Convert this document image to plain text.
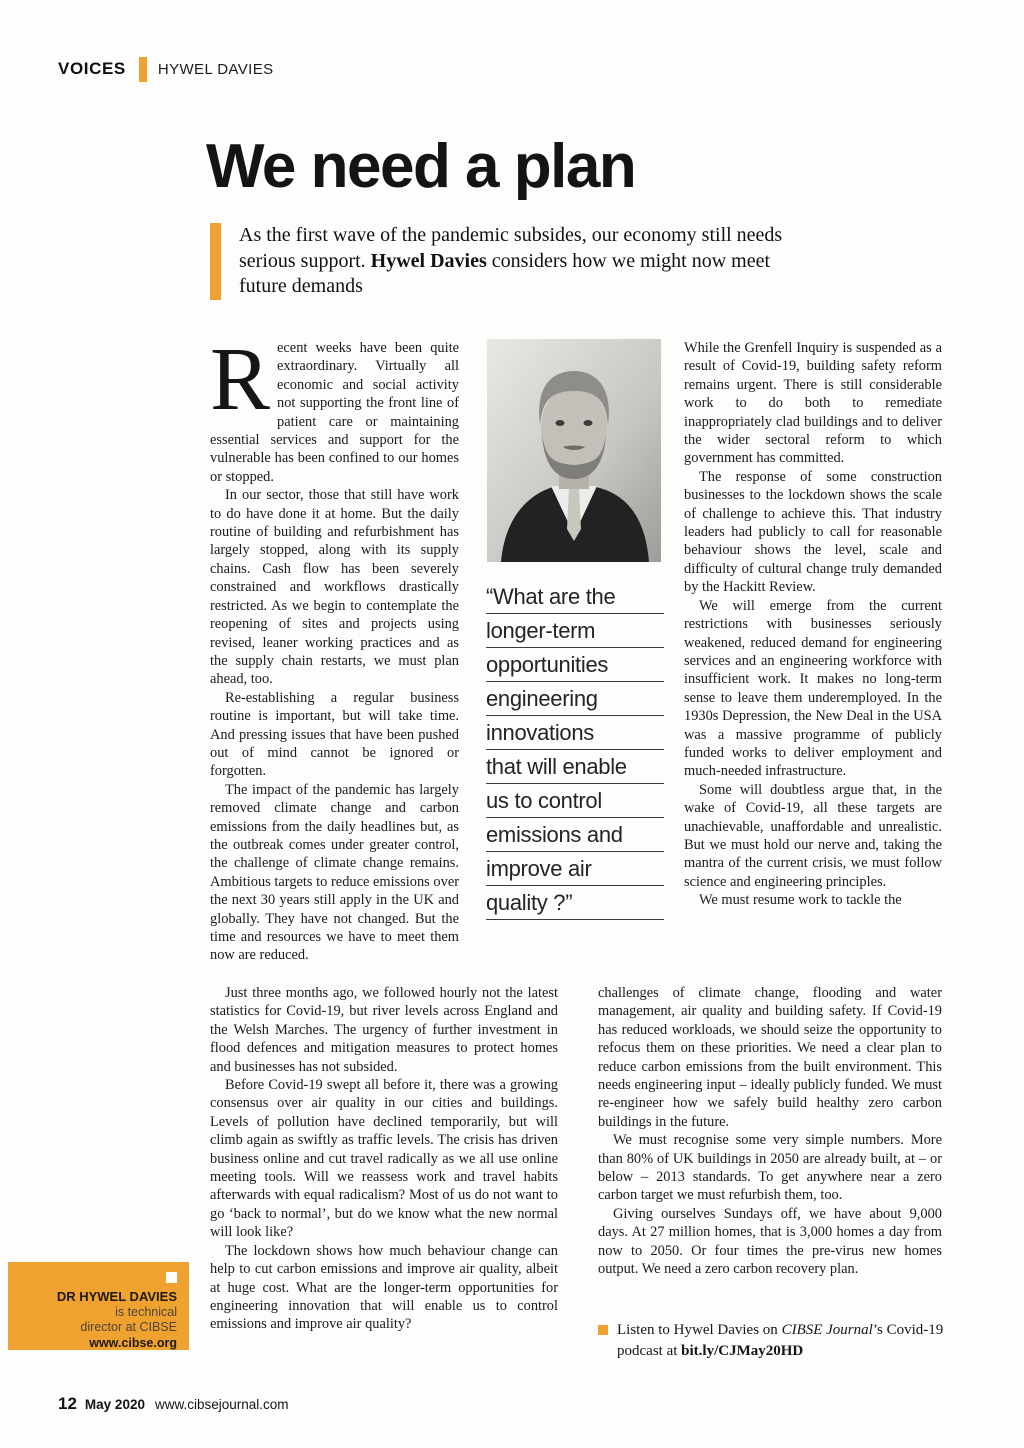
VOICES HYWEL DAVIES
We need a plan
As the first wave of the pandemic subsides, our economy still needs serious support. Hywel Davies considers how we might now meet future demands

Recent weeks have been quite extraordinary. Virtually all economic and social activity not supporting the front line of patient care or maintaining essential services and support for the vulnerable has been confined to our homes or stopped.

In our sector, those that still have work to do have done it at home. But the daily routine of building and refurbishment has largely stopped, along with its supply chains. Cash flow has been severely constrained and workflows drastically restricted. As we begin to contemplate the reopening of sites and projects using revised, leaner working practices and as the supply chain restarts, we must plan ahead, too.

Re-establishing a regular business routine is important, but will take time. And pressing issues that have been pushed out of mind cannot be ignored or forgotten.

The impact of the pandemic has largely removed climate change and carbon emissions from the daily headlines but, as the outbreak comes under greater control, the challenge of climate change remains. Ambitious targets to reduce emissions over the next 30 years still apply in the UK and globally. They have not changed. But the time and resources we have to meet them now are reduced.

“What are the
longer-term
opportunities
engineering
innovations
that will enable
us to control
emissions and
improve air
quality ?”

While the Grenfell Inquiry is suspended as a result of Covid-19, building safety reform remains urgent. There is still considerable work to do both to remediate inappropriately clad buildings and to deliver the wider sectoral reform to which government has committed.

The response of some construction businesses to the lockdown shows the scale of challenge to achieve this. That industry leaders had publicly to call for reasonable behaviour shows the level, scale and difficulty of cultural change truly demanded by the Hackitt Review.

We will emerge from the current restrictions with businesses seriously weakened, reduced demand for engineering services and an engineering workforce with insufficient work. It makes no long-term sense to leave them underemployed. In the 1930s Depression, the New Deal in the USA was a massive programme of publicly funded works to deliver employment and much-needed infrastructure.

Some will doubtless argue that, in the wake of Covid-19, all these targets are unachievable, unaffordable and unrealistic. But we must hold our nerve and, taking the mantra of the current crisis, we must follow science and engineering principles.

We must resume work to tackle the

Just three months ago, we followed hourly not the latest statistics for Covid-19, but river levels across England and the Welsh Marches. The urgency of further investment in flood defences and mitigation measures to protect homes and businesses has not subsided.

Before Covid-19 swept all before it, there was a growing consensus over air quality in our cities and buildings. Levels of pollution have declined temporarily, but will climb again as swiftly as traffic levels. The crisis has driven business online and cut travel radically as we all use online meeting tools. Will we reassess work and travel habits afterwards with equal radicalism? Most of us do not want to go ‘back to normal’, but do we know what the new normal will look like?

The lockdown shows how much behaviour change can help to cut carbon emissions and improve air quality, albeit at huge cost. What are the longer-term opportunities for engineering innovation that will enable us to control emissions and improve air quality?

challenges of climate change, flooding and water management, air quality and building safety. If Covid-19 has reduced workloads, we should seize the opportunity to refocus them on these priorities. We need a clear plan to reduce carbon emissions from the built environment. This needs engineering input – ideally publicly funded. We must re-engineer how we safely build healthy zero carbon buildings in the future.

We must recognise some very simple numbers. More than 80% of UK buildings in 2050 are already built, at – or below – 2013 standards. To get anywhere near a zero carbon target we must refurbish them, too.

Giving ourselves Sundays off, we have about 9,000 days. At 27 million homes, that is 3,000 homes a day from now to 2050. Or four times the pre-virus new homes output. We need a zero carbon recovery plan.

DR HYWEL DAVIES
is technical
director at CIBSE
www.cibse.org
Listen to Hywel Davies on CIBSE Journal’s Covid-19 podcast at bit.ly/CJMay20HD
12 May 2020 www.cibsejournal.com
